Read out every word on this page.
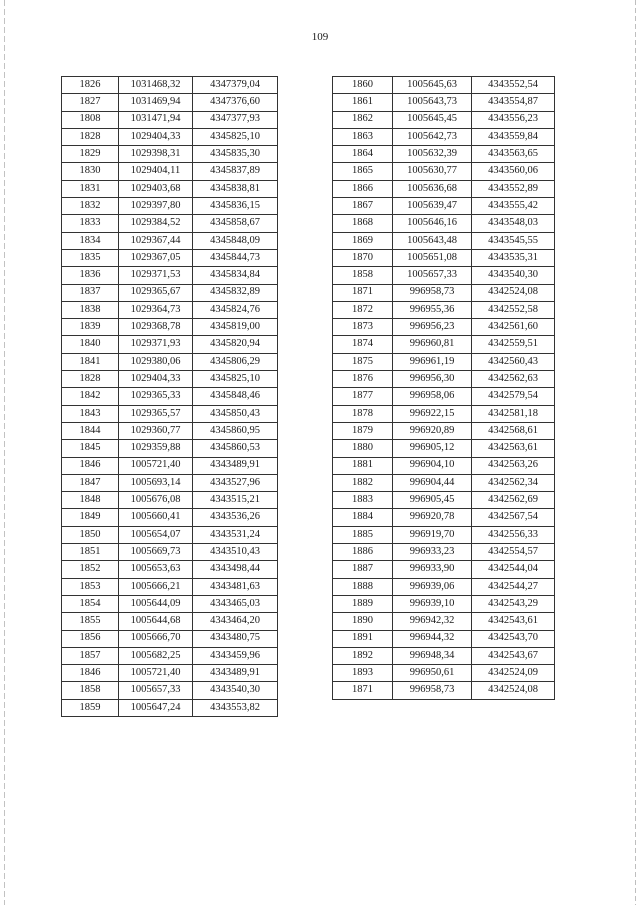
109
1826	1031468,32	4347379,04
1827	1031469,94	4347376,60
1808	1031471,94	4347377,93
1828	1029404,33	4345825,10
1829	1029398,31	4345835,30
1830	1029404,11	4345837,89
1831	1029403,68	4345838,81
1832	1029397,80	4345836,15
1833	1029384,52	4345858,67
1834	1029367,44	4345848,09
1835	1029367,05	4345844,73
1836	1029371,53	4345834,84
1837	1029365,67	4345832,89
1838	1029364,73	4345824,76
1839	1029368,78	4345819,00
1840	1029371,93	4345820,94
1841	1029380,06	4345806,29
1828	1029404,33	4345825,10
1842	1029365,33	4345848,46
1843	1029365,57	4345850,43
1844	1029360,77	4345860,95
1845	1029359,88	4345860,53
1846	1005721,40	4343489,91
1847	1005693,14	4343527,96
1848	1005676,08	4343515,21
1849	1005660,41	4343536,26
1850	1005654,07	4343531,24
1851	1005669,73	4343510,43
1852	1005653,63	4343498,44
1853	1005666,21	4343481,63
1854	1005644,09	4343465,03
1855	1005644,68	4343464,20
1856	1005666,70	4343480,75
1857	1005682,25	4343459,96
1846	1005721,40	4343489,91
1858	1005657,33	4343540,30
1859	1005647,24	4343553,82
1860	1005645,63	4343552,54
1861	1005643,73	4343554,87
1862	1005645,45	4343556,23
1863	1005642,73	4343559,84
1864	1005632,39	4343563,65
1865	1005630,77	4343560,06
1866	1005636,68	4343552,89
1867	1005639,47	4343555,42
1868	1005646,16	4343548,03
1869	1005643,48	4343545,55
1870	1005651,08	4343535,31
1858	1005657,33	4343540,30
1871	996958,73	4342524,08
1872	996955,36	4342552,58
1873	996956,23	4342561,60
1874	996960,81	4342559,51
1875	996961,19	4342560,43
1876	996956,30	4342562,63
1877	996958,06	4342579,54
1878	996922,15	4342581,18
1879	996920,89	4342568,61
1880	996905,12	4342563,61
1881	996904,10	4342563,26
1882	996904,44	4342562,34
1883	996905,45	4342562,69
1884	996920,78	4342567,54
1885	996919,70	4342556,33
1886	996933,23	4342554,57
1887	996933,90	4342544,04
1888	996939,06	4342544,27
1889	996939,10	4342543,29
1890	996942,32	4342543,61
1891	996944,32	4342543,70
1892	996948,34	4342543,67
1893	996950,61	4342524,09
1871	996958,73	4342524,08
